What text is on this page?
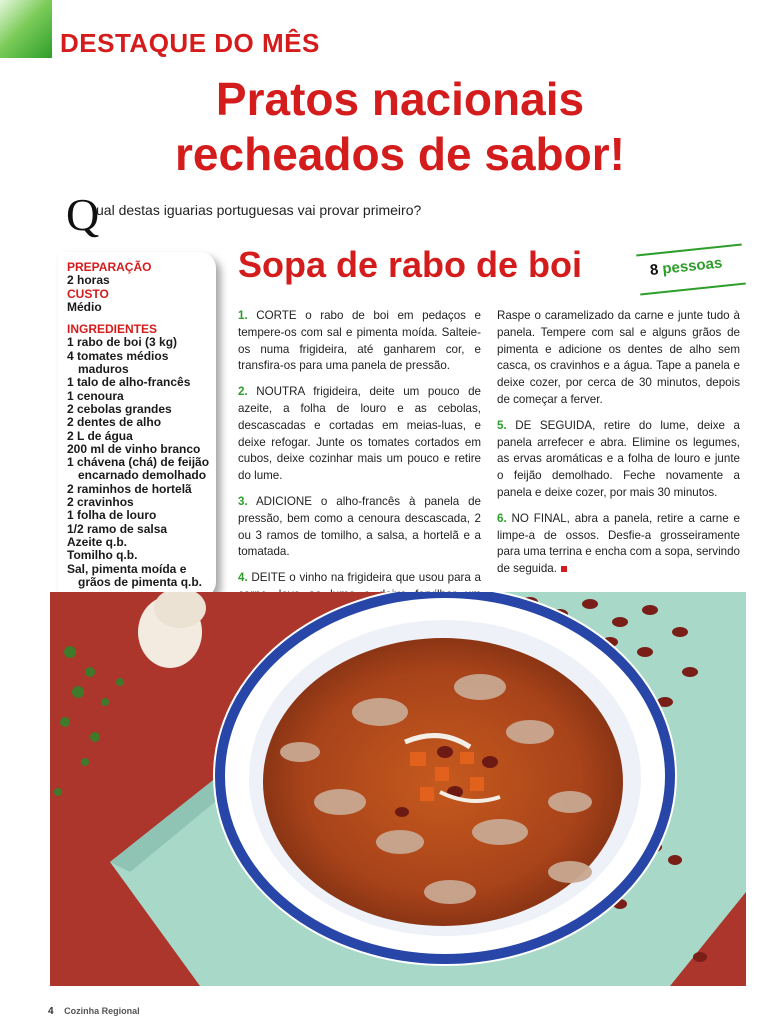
DESTAQUE DO MÊS
Pratos nacionais
recheados de sabor!
Q
ual destas iguarias portuguesas vai provar primeiro?
PREPARAÇÃO
2 horas
CUSTO
Médio
INGREDIENTES
1 rabo de boi (3 kg)
4 tomates médios maduros
1 talo de alho-francês
1 cenoura
2 cebolas grandes
2 dentes de alho
2 L de água
200 ml de vinho branco
1 chávena (chá) de feijão encarnado demolhado
2 raminhos de hortelã
2 cravinhos
1 folha de louro
1/2 ramo de salsa
Azeite q.b.
Tomilho q.b.
Sal, pimenta moída e grãos de pimenta q.b.
Sopa de rabo de boi	8 pessoas

1. CORTE o rabo de boi em pedaços e tempere-os com sal e pimenta moída. Salteie-os numa frigideira, até ganharem cor, e transfira-os para uma panela de pressão.

2. NOUTRA frigideira, deite um pouco de azeite, a folha de louro e as cebolas, descascadas e cortadas em meias-luas, e deixe refogar. Junte os tomates cortados em cubos, deixe cozinhar mais um pouco e retire do lume.

3. ADICIONE o alho-francês à panela de pressão, bem como a cenoura descascada, 2 ou 3 ramos de tomilho, a salsa, a hortelã e a tomatada.

4. DEITE o vinho na frigideira que usou para a

Raspe o caramelizado da carne e junte tudo à panela. Tempere com sal e alguns grãos de pimenta e adicione os dentes de alho sem casca, os cravinhos e a água. Tape a panela e deixe cozer, por cerca de 30 minutos, depois de começar a ferver.

5. DE SEGUIDA, retire do lume, deixe a panela arrefecer e abra. Elimine os legumes, as ervas aromáticas e a folha de louro e junte o feijão demolhado. Feche novamente a panela e deixe cozer, por mais 30 minutos.

6. NO FINAL, abra a panela, retire a carne e limpe-a de ossos. Desfie-a grosseiramente para uma terrina e encha com a sopa, servindo de seguida.

4 Cozinha Regional
